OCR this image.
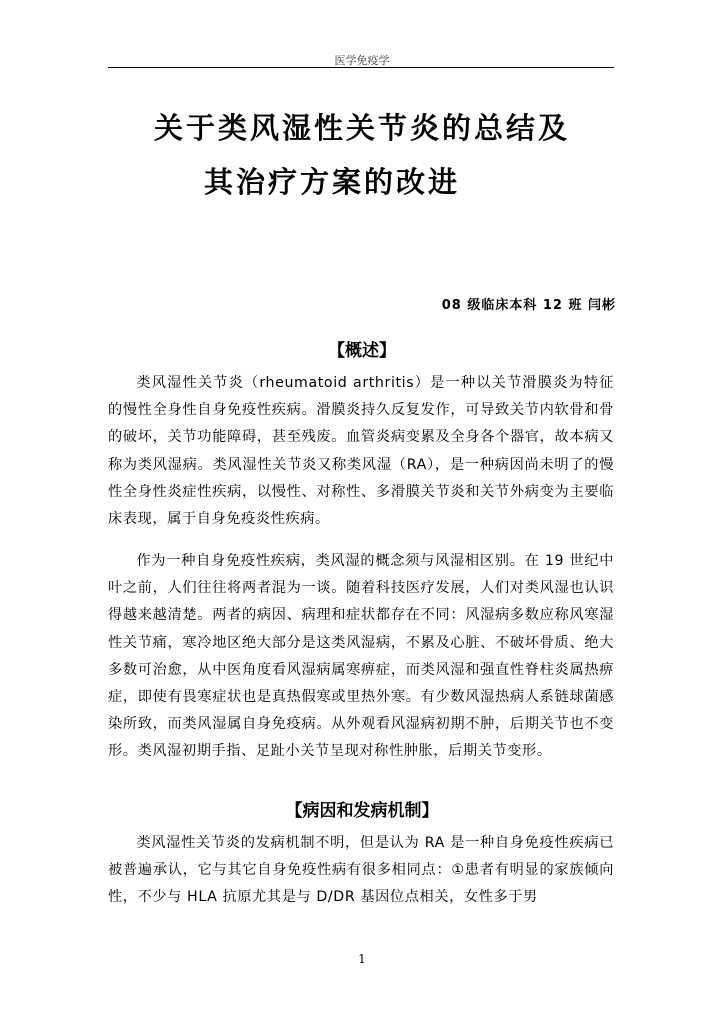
医学免疫学
关于类风湿性关节炎的总结及
其治疗方案的改进
08 级临床本科 12 班 闫彬
【概述】

类风湿性关节炎（rheumatoid arthritis）是一种以关节滑膜炎为特征的慢性全身性自身免疫性疾病。滑膜炎持久反复发作，可导致关节内软骨和骨的破坏，关节功能障碍，甚至残废。血管炎病变累及全身各个器官，故本病又称为类风湿病。类风湿性关节炎又称类风湿（RA），是一种病因尚未明了的慢性全身性炎症性疾病，以慢性、对称性、多滑膜关节炎和关节外病变为主要临床表现，属于自身免疫炎性疾病。

作为一种自身免疫性疾病，类风湿的概念须与风湿相区别。在 19 世纪中叶之前，人们往往将两者混为一谈。随着科技医疗发展，人们对类风湿也认识得越来越清楚。两者的病因、病理和症状都存在不同：风湿病多数应称风寒湿性关节痛，寒冷地区绝大部分是这类风湿病，不累及心脏、不破坏骨质、绝大多数可治愈，从中医角度看风湿病属寒痹症，而类风湿和强直性脊柱炎属热痹症，即使有畏寒症状也是真热假寒或里热外寒。有少数风湿热病人系链球菌感染所致，而类风湿属自身免疫病。从外观看风湿病初期不肿，后期关节也不变形。类风湿初期手指、足趾小关节呈现对称性肿胀，后期关节变形。

【病因和发病机制】

类风湿性关节炎的发病机制不明，但是认为 RA 是一种自身免疫性疾病已被普遍承认，它与其它自身免疫性病有很多相同点：①患者有明显的家族倾向性，不少与 HLA 抗原尤其是与 D/DR 基因位点相关，女性多于男

1
